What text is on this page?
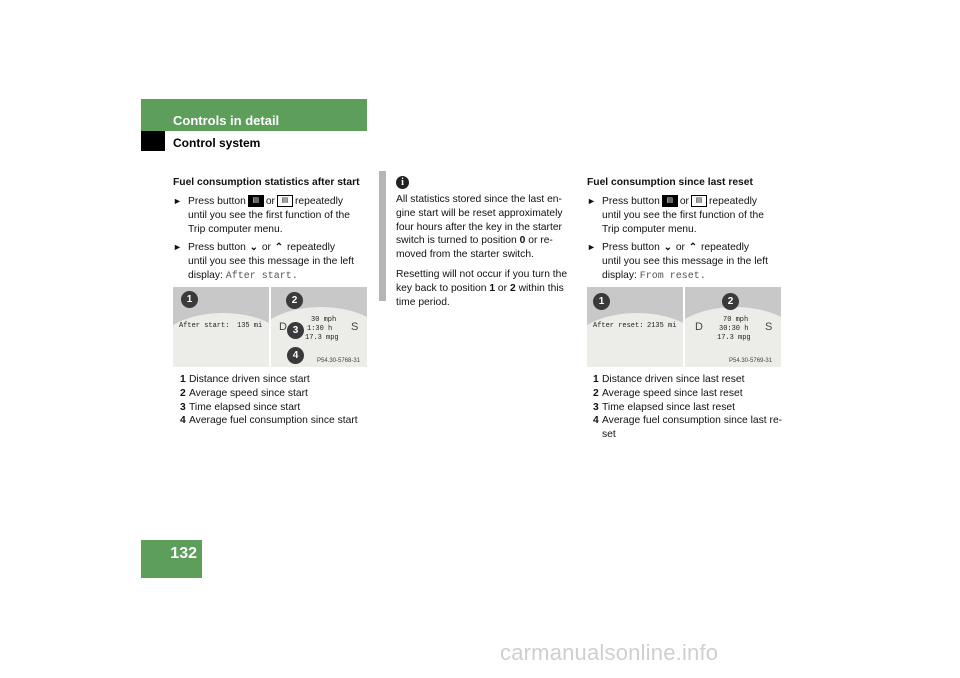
Controls in detail
Control system
Fuel consumption statistics after start
► Press button ▤ or ▤ repeatedly
until you see the first function of the
Trip computer menu.
► Press button ⌄ or ⌃ repeatedly
until you see this message in the left
display: After start.
After start: 135 mi
1
30 mph
1:30 h
17.3 mpg
D	S
P54.30-5768-31
2
3
4
1 Distance driven since start
2 Average speed since start
3 Time elapsed since start
4 Average fuel consumption since start
i
All statistics stored since the last en-
gine start will be reset approximately
four hours after the key in the starter
switch is turned to position 0 or re-
moved from the starter switch.
Resetting will not occur if you turn the
key back to position 1 or 2 within this
time period.
Fuel consumption since last reset
► Press button ▤ or ▤ repeatedly
until you see the first function of the
Trip computer menu.
► Press button ⌄ or ⌃ repeatedly
until you see this message in the left
display: From reset.
After reset: 2135 mi
1
70 mph
30:30 h
17.3 mpg
D	S
P54.30-5769-31
2
1 Distance driven since last reset
2 Average speed since last reset
3 Time elapsed since last reset
4 Average fuel consumption since last re-
set
132
carmanualsonline.info
